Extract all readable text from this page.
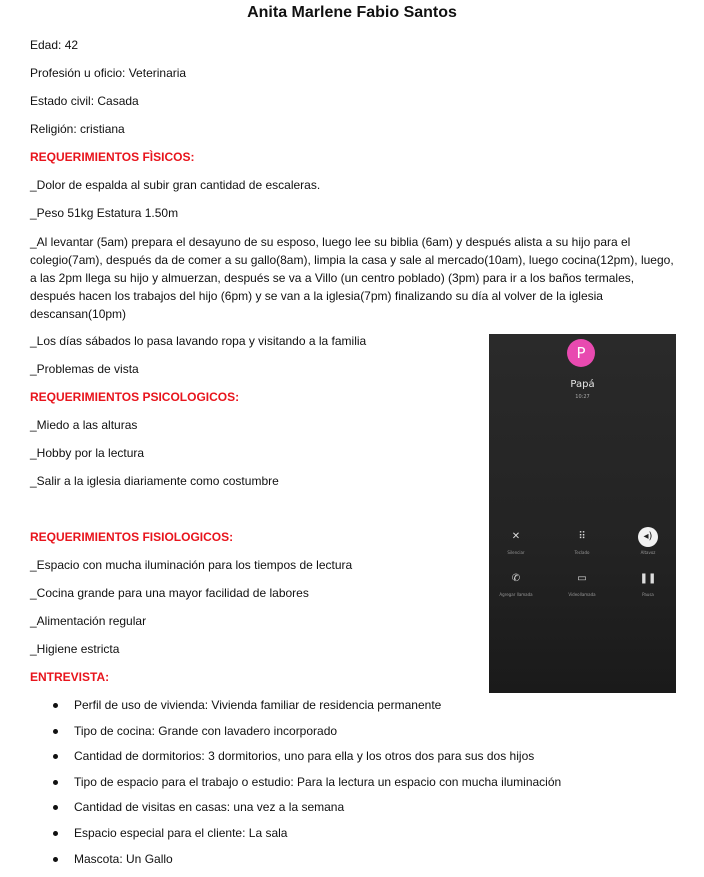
Anita Marlene Fabio Santos
Edad: 42
Profesión u oficio: Veterinaria
Estado civil: Casada
Religión: cristiana
REQUERIMIENTOS FÌSICOS:
_Dolor de espalda al subir gran cantidad de escaleras.
_Peso 51kg Estatura 1.50m
_Al levantar (5am) prepara el desayuno de su esposo, luego lee su biblia (6am) y después alista a su hijo para el colegio(7am), después da de comer a su gallo(8am), limpia la casa y sale al mercado(10am), luego cocina(12pm), luego, a las 2pm llega su hijo y almuerzan, después se va a Villo (un centro poblado) (3pm) para ir a los baños termales, después hacen los trabajos del hijo (6pm) y se van a la iglesia(7pm) finalizando su día al volver de la iglesia descansan(10pm)
_Los días sábados lo pasa lavando ropa y visitando a la familia
_Problemas de vista
REQUERIMIENTOS PSICOLOGICOS:
_Miedo a las alturas
_Hobby por la lectura
_Salir a la iglesia diariamente como costumbre
REQUERIMIENTOS FISIOLOGICOS:
_Espacio con mucha iluminación para los tiempos de lectura
_Cocina grande para una mayor facilidad de labores
_Alimentación regular
_Higiene estricta
ENTREVISTA:
Perfil de uso de vivienda: Vivienda familiar de residencia permanente
Tipo de cocina: Grande con lavadero incorporado
Cantidad de dormitorios: 3 dormitorios, uno para ella y los otros dos para sus dos hijos
Tipo de espacio para el trabajo o estudio: Para la lectura un espacio con mucha iluminación
Cantidad de visitas en casas: una vez a la semana
Espacio especial para el cliente: La sala
Mascota: Un Gallo
P
Papá
10:27
✕
Silenciar
⠿
Teclado
◂)
Altavoz
✆
Agregar llamada
▭
Videollamada
❚❚
Pausa
